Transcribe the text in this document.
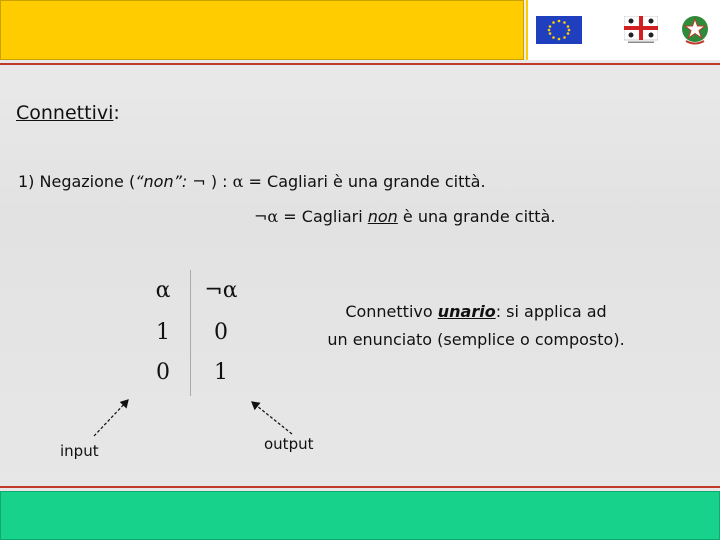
Connettivi:
1) Negazione (“non”: ¬ ) : α = Cagliari è una grande città.
¬α = Cagliari non è una grande città.
α	¬α
1	0
0	1
Connettivo unario: si applica ad
un enunciato (semplice o composto).
input	output
